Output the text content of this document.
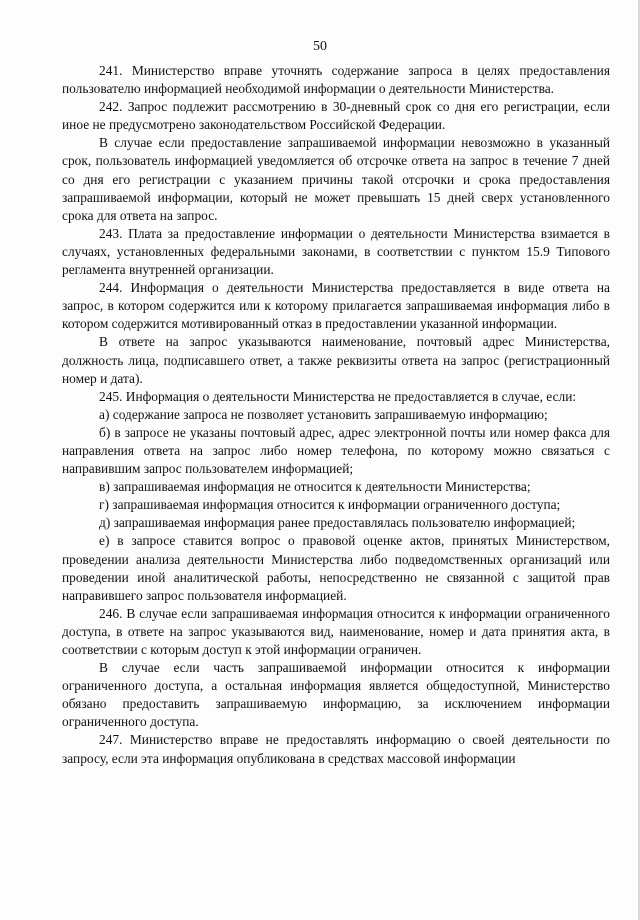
50

241. Министерство вправе уточнять содержание запроса в целях предоставления пользователю информацией необходимой информации о деятельности Министерства.

242. Запрос подлежит рассмотрению в 30-дневный срок со дня его регистрации, если иное не предусмотрено законодательством Российской Федерации.

В случае если предоставление запрашиваемой информации невозможно в указанный срок, пользователь информацией уведомляется об отсрочке ответа на запрос в течение 7 дней со дня его регистрации с указанием причины такой отсрочки и срока предоставления запрашиваемой информации, который не может превышать 15 дней сверх установленного срока для ответа на запрос.

243. Плата за предоставление информации о деятельности Министерства взимается в случаях, установленных федеральными законами, в соответствии с пунктом 15.9 Типового регламента внутренней организации.

244. Информация о деятельности Министерства предоставляется в виде ответа на запрос, в котором содержится или к которому прилагается запрашиваемая информация либо в котором содержится мотивированный отказ в предоставлении указанной информации.

В ответе на запрос указываются наименование, почтовый адрес Министерства, должность лица, подписавшего ответ, а также реквизиты ответа на запрос (регистрационный номер и дата).

245. Информация о деятельности Министерства не предоставляется в случае, если:

а) содержание запроса не позволяет установить запрашиваемую информацию;

б) в запросе не указаны почтовый адрес, адрес электронной почты или номер факса для направления ответа на запрос либо номер телефона, по которому можно связаться с направившим запрос пользователем информацией;

в) запрашиваемая информация не относится к деятельности Министерства;

г) запрашиваемая информация относится к информации ограниченного доступа;

д) запрашиваемая информация ранее предоставлялась пользователю информацией;

е) в запросе ставится вопрос о правовой оценке актов, принятых Министерством, проведении анализа деятельности Министерства либо подведомственных организаций или проведении иной аналитической работы, непосредственно не связанной с защитой прав направившего запрос пользователя информацией.

246. В случае если запрашиваемая информация относится к информации ограниченного доступа, в ответе на запрос указываются вид, наименование, номер и дата принятия акта, в соответствии с которым доступ к этой информации ограничен.

В случае если часть запрашиваемой информации относится к информации ограниченного доступа, а остальная информация является общедоступной, Министерство обязано предоставить запрашиваемую информацию, за исключением информации ограниченного доступа.

247. Министерство вправе не предоставлять информацию о своей деятельности по запросу, если эта информация опубликована в средствах массовой информации
